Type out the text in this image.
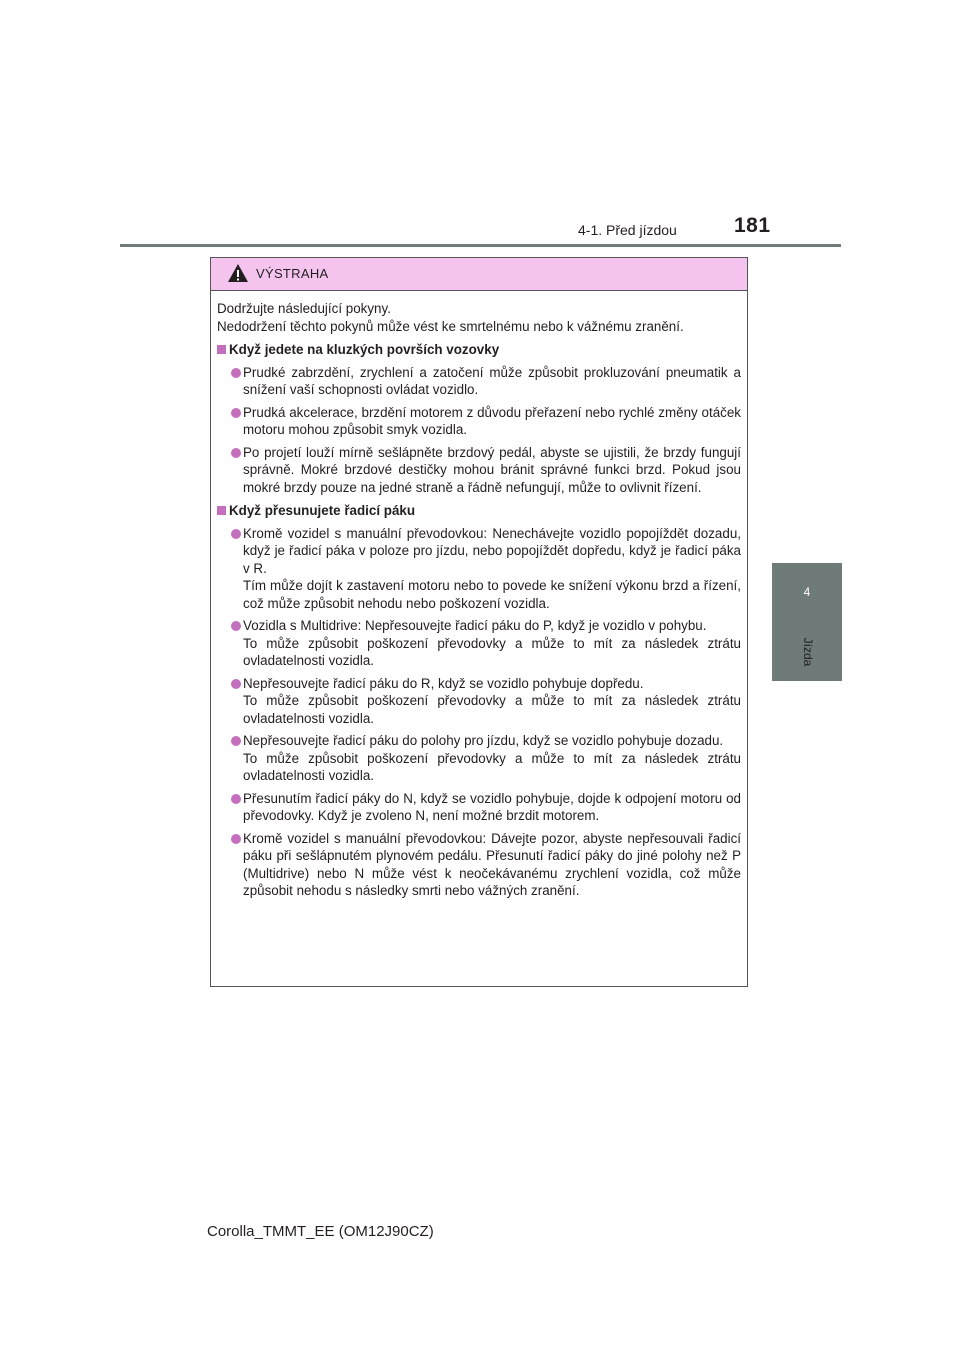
4-1. Před jízdou	181
4
Jízda
VÝSTRAHA

Dodržujte následující pokyny.

Nedodržení těchto pokynů může vést ke smrtelnému nebo k vážnému zranění.

Když jedete na kluzkých površích vozovky

Prudké zabrzdění, zrychlení a zatočení může způsobit prokluzování pneumatik a snížení vaší schopnosti ovládat vozidlo.

Prudká akcelerace, brzdění motorem z důvodu přeřazení nebo rychlé změny otáček motoru mohou způsobit smyk vozidla.

Po projetí louží mírně sešlápněte brzdový pedál, abyste se ujistili, že brzdy fungují správně. Mokré brzdové destičky mohou bránit správné funkci brzd. Pokud jsou mokré brzdy pouze na jedné straně a řádně nefungují, může to ovlivnit řízení.

Když přesunujete řadicí páku

Kromě vozidel s manuální převodovkou: Nenechávejte vozidlo popojíždět dozadu, když je řadicí páka v poloze pro jízdu, nebo popojíždět dopředu, když je řadicí páka v R.

Tím může dojít k zastavení motoru nebo to povede ke snížení výkonu brzd a řízení, což může způsobit nehodu nebo poškození vozidla.

Vozidla s Multidrive: Nepřesouvejte řadicí páku do P, když je vozidlo v pohybu.

To může způsobit poškození převodovky a může to mít za následek ztrátu ovladatelnosti vozidla.

Nepřesouvejte řadicí páku do R, když se vozidlo pohybuje dopředu.

To může způsobit poškození převodovky a může to mít za následek ztrátu ovladatelnosti vozidla.

Nepřesouvejte řadicí páku do polohy pro jízdu, když se vozidlo pohybuje dozadu.

To může způsobit poškození převodovky a může to mít za následek ztrátu ovladatelnosti vozidla.

Přesunutím řadicí páky do N, když se vozidlo pohybuje, dojde k odpojení motoru od převodovky. Když je zvoleno N, není možné brzdit motorem.

Kromě vozidel s manuální převodovkou: Dávejte pozor, abyste nepřesouvali řadicí páku při sešlápnutém plynovém pedálu. Přesunutí řadicí páky do jiné polohy než P (Multidrive) nebo N může vést k neočekávanému zrychlení vozidla, což může způsobit nehodu s následky smrti nebo vážných zranění.

Corolla_TMMT_EE (OM12J90CZ)
